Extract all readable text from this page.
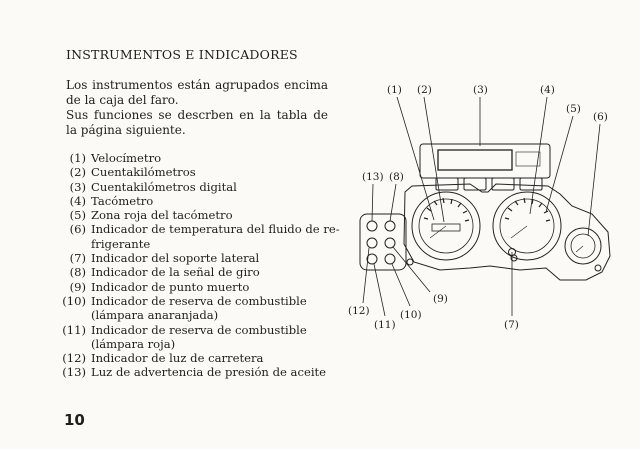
INSTRUMENTOS E INDICADORES

Los instrumentos están agrupados encima de la caja del faro.

Sus funciones se descrben en la tabla de la página siguiente.

(1) Velocímetro
(2) Cuentakilómetros
(3) Cuentakilómetros digital
(4) Tacómetro
(5) Zona roja del tacómetro
(6) Indicador de temperatura del fluido de re-
frigerante
(7) Indicador del soporte lateral
(8) Indicador de la señal de giro
(9) Indicador de punto muerto
(10) Indicador de reserva de combustible
(lámpara anaranjada)
(11) Indicador de reserva de combustible
(lámpara roja)
(12) Indicador de luz de carretera
(13) Luz de advertencia de presión de aceite
(1) (2)	(3)	(4)
(5)
(6)
(13) (8)
(9)
(12)	(10)
(11)	(7)
10
